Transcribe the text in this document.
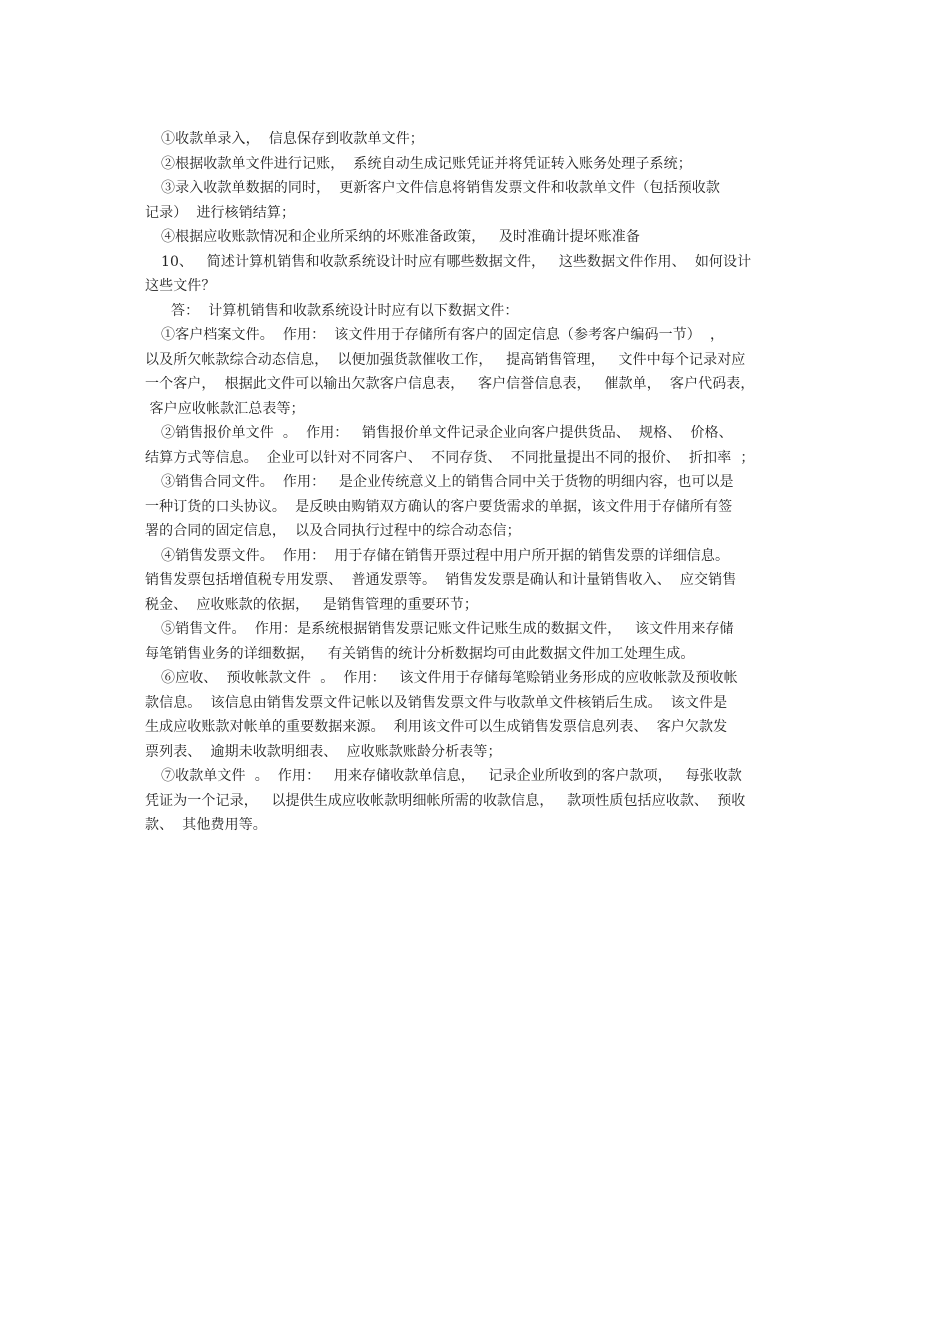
①收款单录入，  信息保存到收款单文件；
②根据收款单文件进行记账，  系统自动生成记账凭证并将凭证转入账务处理子系统；
③录入收款单数据的同时，  更新客户文件信息将销售发票文件和收款单文件（包括预收款
记录）  进行核销结算；
④根据应收账款情况和企业所采纳的坏账准备政策，   及时准确计提坏账准备
10、   简述计算机销售和收款系统设计时应有哪些数据文件，   这些数据文件作用、  如何设计
这些文件？
答：  计算机销售和收款系统设计时应有以下数据文件：
①客户档案文件。  作用：  该文件用于存储所有客户的固定信息（参考客户编码一节）  ，
以及所欠帐款综合动态信息，  以便加强货款催收工作，   提高销售管理，   文件中每个记录对应
一个客户，  根据此文件可以输出欠款客户信息表，   客户信誉信息表，   催款单，  客户代码表，
客户应收帐款汇总表等；
②销售报价单文件  。  作用：   销售报价单文件记录企业向客户提供货品、  规格、  价格、
结算方式等信息。  企业可以针对不同客户、  不同存货、  不同批量提出不同的报价、  折扣率  ；
③销售合同文件。  作用：   是企业传统意义上的销售合同中关于货物的明细内容，也可以是
一种订货的口头协议。  是反映由购销双方确认的客户要货需求的单据，该文件用于存储所有签
署的合同的固定信息，  以及合同执行过程中的综合动态信；
④销售发票文件。  作用：  用于存储在销售开票过程中用户所开据的销售发票的详细信息。
销售发票包括增值税专用发票、  普通发票等。  销售发发票是确认和计量销售收入、  应交销售
税金、  应收账款的依据，   是销售管理的重要环节；
⑤销售文件。  作用：是系统根据销售发票记账文件记账生成的数据文件，   该文件用来存储
每笔销售业务的详细数据，   有关销售的统计分析数据均可由此数据文件加工处理生成。
⑥应收、  预收帐款文件  。  作用：   该文件用于存储每笔赊销业务形成的应收帐款及预收帐
款信息。  该信息由销售发票文件记帐以及销售发票文件与收款单文件核销后生成。  该文件是
生成应收账款对帐单的重要数据来源。  利用该文件可以生成销售发票信息列表、  客户欠款发
票列表、  逾期未收款明细表、  应收账款账龄分析表等；
⑦收款单文件  。  作用：   用来存储收款单信息，   记录企业所收到的客户款项，   每张收款
凭证为一个记录，   以提供生成应收帐款明细帐所需的收款信息，   款项性质包括应收款、  预收
款、  其他费用等。
